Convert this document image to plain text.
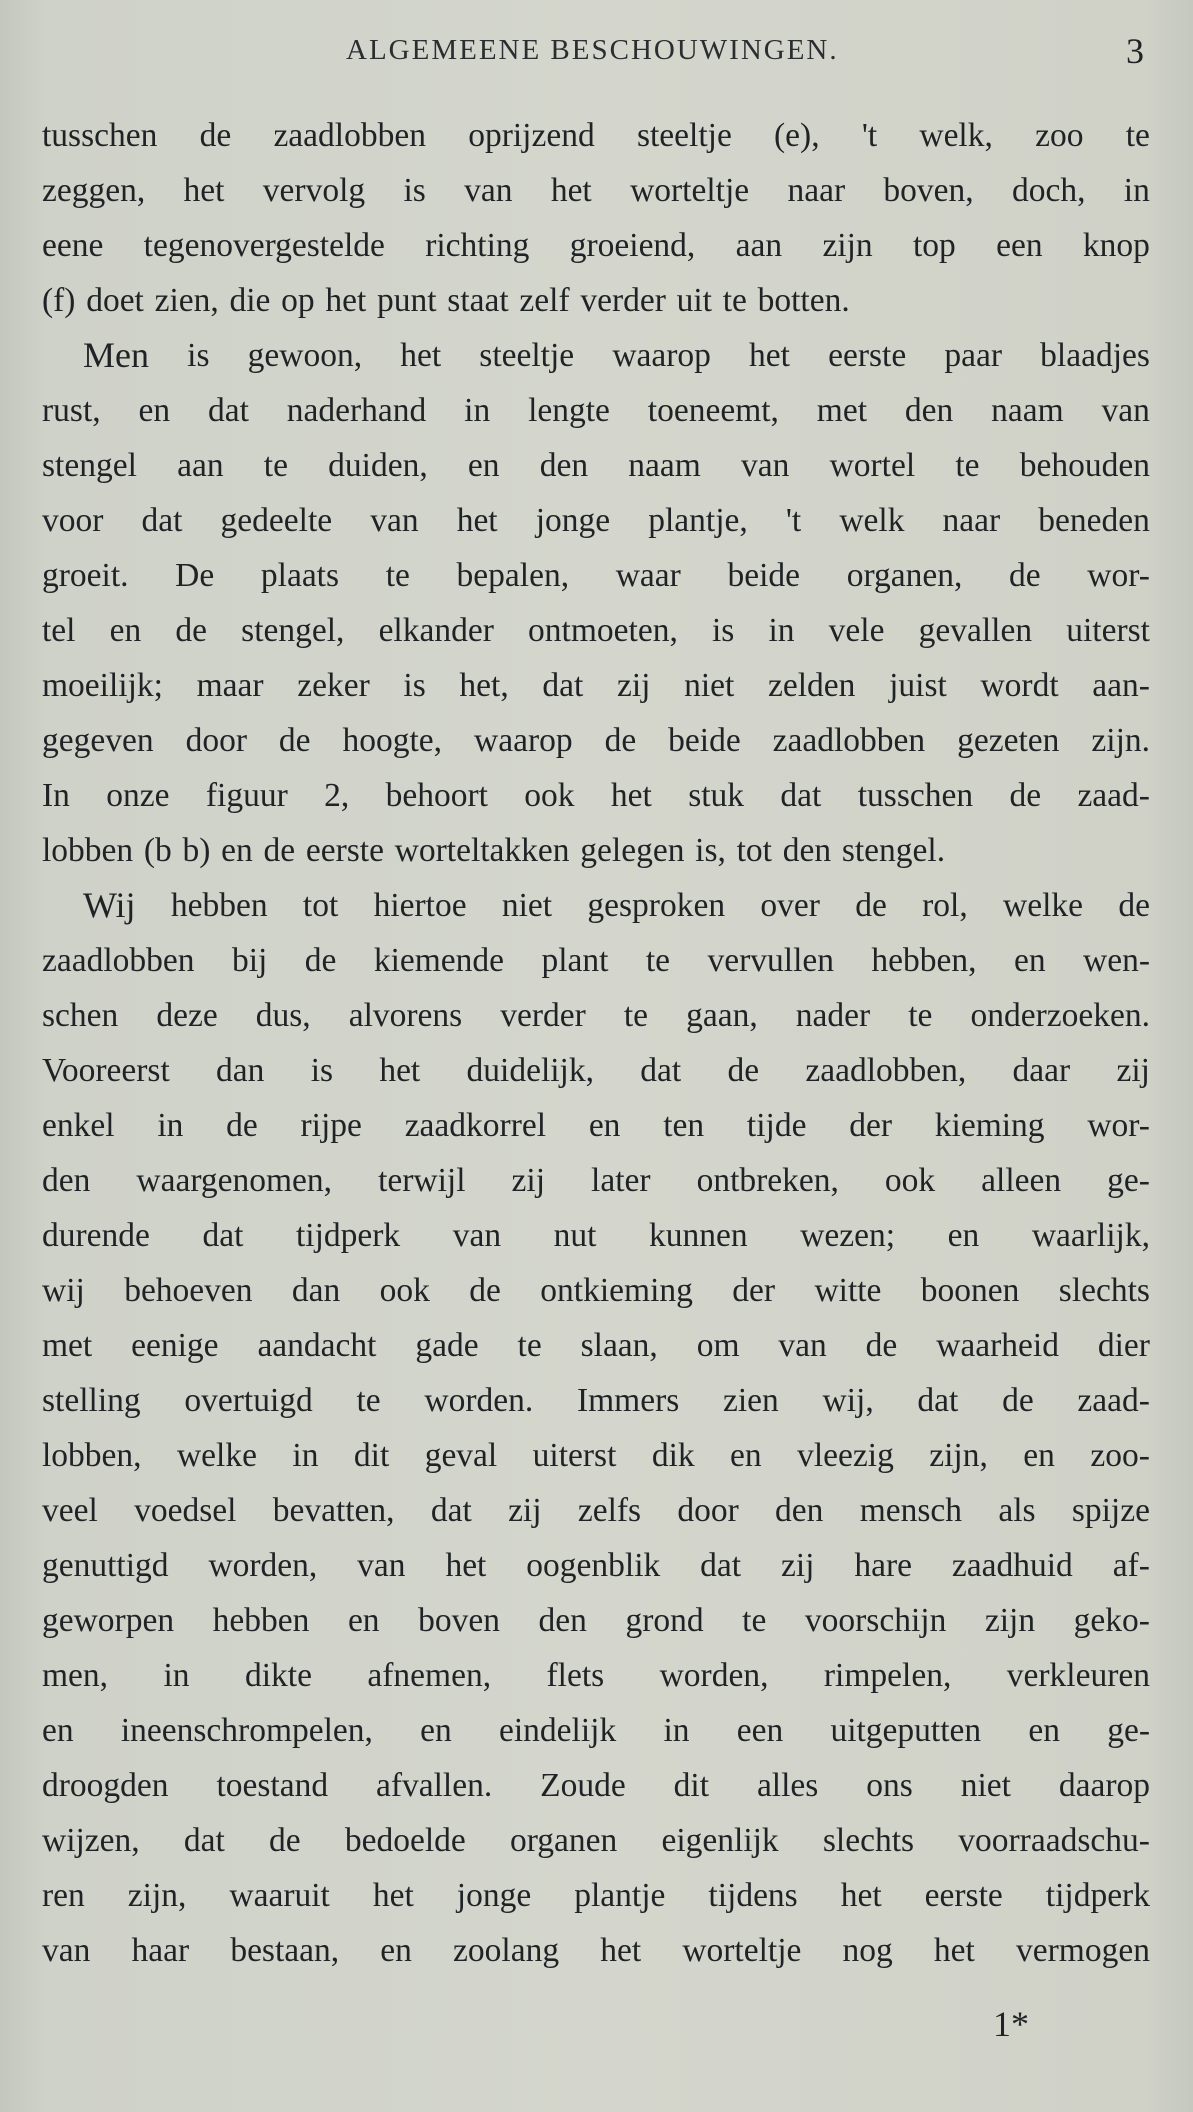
ALGEMEENE BESCHOUWINGEN.	3
tusschen de zaadlobben oprijzend steeltje (e), 't welk, zoo te
zeggen, het vervolg is van het worteltje naar boven, doch, in
eene tegenovergestelde richting groeiend, aan zijn top een knop
(f) doet zien, die op het punt staat zelf verder uit te botten.
Men is gewoon, het steeltje waarop het eerste paar blaadjes
rust, en dat naderhand in lengte toeneemt, met den naam van
stengel aan te duiden, en den naam van wortel te behouden
voor dat gedeelte van het jonge plantje, 't welk naar beneden
groeit. De plaats te bepalen, waar beide organen, de wor-
tel en de stengel, elkander ontmoeten, is in vele gevallen uiterst
moeilijk; maar zeker is het, dat zij niet zelden juist wordt aan-
gegeven door de hoogte, waarop de beide zaadlobben gezeten zijn.
In onze figuur 2, behoort ook het stuk dat tusschen de zaad-
lobben (b b) en de eerste worteltakken gelegen is, tot den stengel.
Wij hebben tot hiertoe niet gesproken over de rol, welke de
zaadlobben bij de kiemende plant te vervullen hebben, en wen-
schen deze dus, alvorens verder te gaan, nader te onderzoeken.
Vooreerst dan is het duidelijk, dat de zaadlobben, daar zij
enkel in de rijpe zaadkorrel en ten tijde der kieming wor-
den waargenomen, terwijl zij later ontbreken, ook alleen ge-
durende dat tijdperk van nut kunnen wezen; en waarlijk,
wij behoeven dan ook de ontkieming der witte boonen slechts
met eenige aandacht gade te slaan, om van de waarheid dier
stelling overtuigd te worden. Immers zien wij, dat de zaad-
lobben, welke in dit geval uiterst dik en vleezig zijn, en zoo-
veel voedsel bevatten, dat zij zelfs door den mensch als spijze
genuttigd worden, van het oogenblik dat zij hare zaadhuid af-
geworpen hebben en boven den grond te voorschijn zijn geko-
men, in dikte afnemen, flets worden, rimpelen, verkleuren
en ineenschrompelen, en eindelijk in een uitgeputten en ge-
droogden toestand afvallen. Zoude dit alles ons niet daarop
wijzen, dat de bedoelde organen eigenlijk slechts voorraadschu-
ren zijn, waaruit het jonge plantje tijdens het eerste tijdperk
van haar bestaan, en zoolang het worteltje nog het vermogen
1*
